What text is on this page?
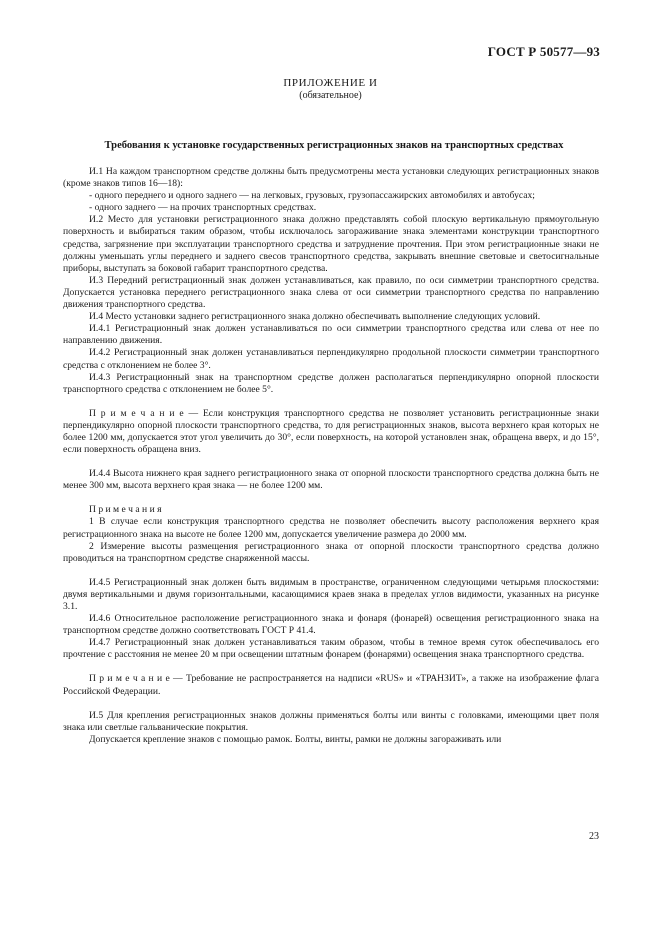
ГОСТ Р 50577—93
ПРИЛОЖЕНИЕ И
(обязательное)
Требования к установке государственных регистрационных знаков на транспортных средствах

И.1 На каждом транспортном средстве должны быть предусмотрены места установки следующих регистрационных знаков (кроме знаков типов 16—18):

- одного переднего и одного заднего — на легковых, грузовых, грузопассажирских автомобилях и автобусах;

- одного заднего — на прочих транспортных средствах.

И.2 Место для установки регистрационного знака должно представлять собой плоскую вертикальную прямоугольную поверхность и выбираться таким образом, чтобы исключалось загораживание знака элементами конструкции транспортного средства, загрязнение при эксплуатации транспортного средства и затруднение прочтения. При этом регистрационные знаки не должны уменьшать углы переднего и заднего свесов транспортного средства, закрывать внешние световые и светосигнальные приборы, выступать за боковой габарит транспортного средства.

И.3 Передний регистрационный знак должен устанавливаться, как правило, по оси симметрии транспортного средства. Допускается установка переднего регистрационного знака слева от оси симметрии транспортного средства по направлению движения транспортного средства.

И.4 Место установки заднего регистрационного знака должно обеспечивать выполнение следующих условий.

И.4.1 Регистрационный знак должен устанавливаться по оси симметрии транспортного средства или слева от нее по направлению движения.

И.4.2 Регистрационный знак должен устанавливаться перпендикулярно продольной плоскости симметрии транспортного средства с отклонением не более 3°.

И.4.3 Регистрационный знак на транспортном средстве должен располагаться перпендикулярно опорной плоскости транспортного средства с отклонением не более 5°.

П р и м е ч а н и е — Если конструкция транспортного средства не позволяет установить регистрационные знаки перпендикулярно опорной плоскости транспортного средства, то для регистрационных знаков, высота верхнего края которых не более 1200 мм, допускается этот угол увеличить до 30°, если поверхность, на которой установлен знак, обращена вверх, и до 15°, если поверхность обращена вниз.

И.4.4 Высота нижнего края заднего регистрационного знака от опорной плоскости транспортного средства должна быть не менее 300 мм, высота верхнего края знака — не более 1200 мм.

П р и м е ч а н и я

1 В случае если конструкция транспортного средства не позволяет обеспечить высоту расположения верхнего края регистрационного знака на высоте не более 1200 мм, допускается увеличение размера до 2000 мм.

2 Измерение высоты размещения регистрационного знака от опорной плоскости транспортного средства должно проводиться на транспортном средстве снаряженной массы.

И.4.5 Регистрационный знак должен быть видимым в пространстве, ограниченном следующими четырьмя плоскостями: двумя вертикальными и двумя горизонтальными, касающимися краев знака в пределах углов видимости, указанных на рисунке 3.1.

И.4.6 Относительное расположение регистрационного знака и фонаря (фонарей) освещения регистрационного знака на транспортном средстве должно соответствовать ГОСТ Р 41.4.

И.4.7 Регистрационный знак должен устанавливаться таким образом, чтобы в темное время суток обеспечивалось его прочтение с расстояния не менее 20 м при освещении штатным фонарем (фонарями) освещения знака транспортного средства.

П р и м е ч а н и е — Требование не распространяется на надписи «RUS» и «ТРАНЗИТ», а также на изображение флага Российской Федерации.

И.5 Для крепления регистрационных знаков должны применяться болты или винты с головками, имеющими цвет поля знака или светлые гальванические покрытия.

Допускается крепление знаков с помощью рамок. Болты, винты, рамки не должны загораживать или

23
